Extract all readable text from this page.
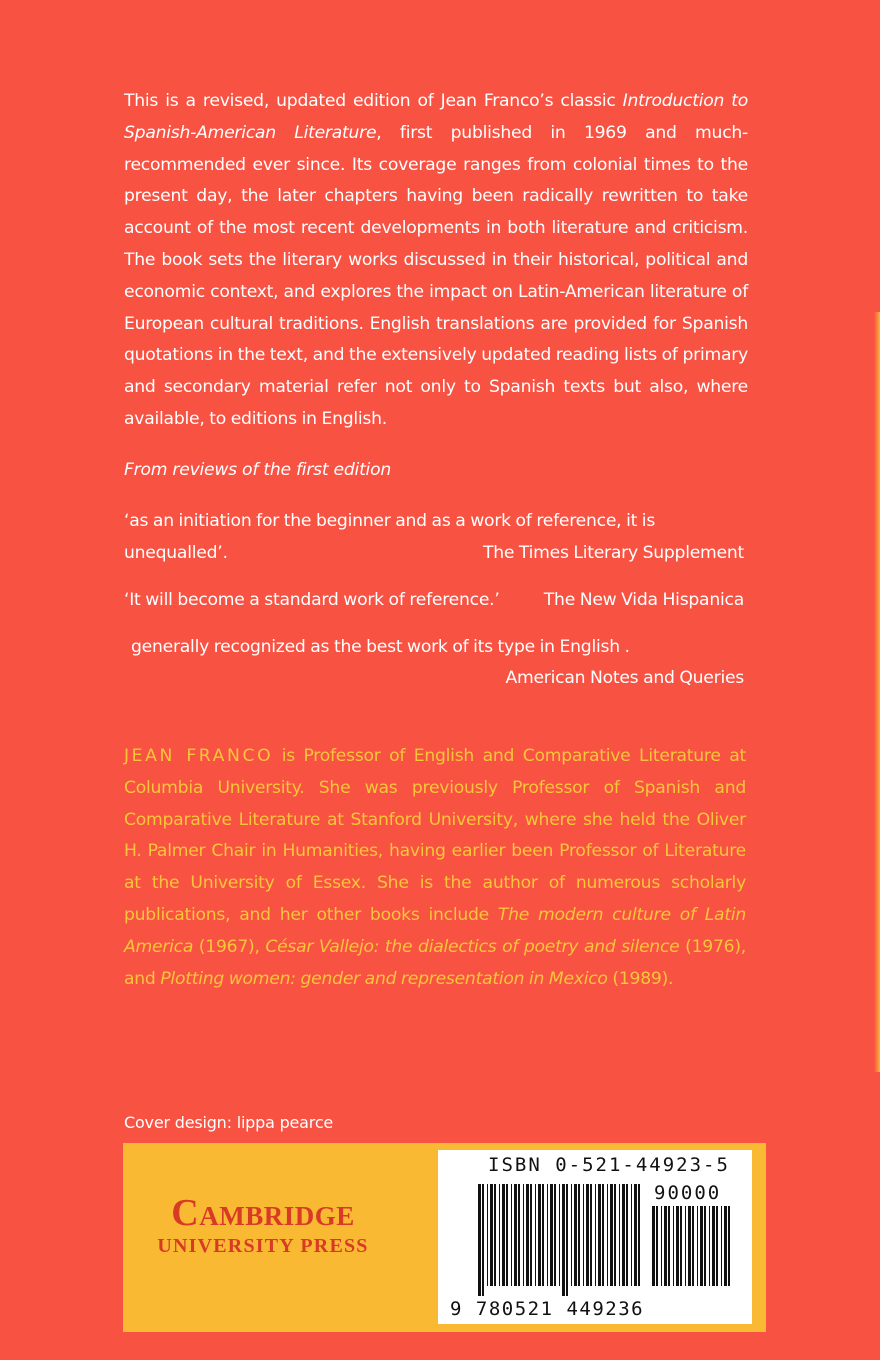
This is a revised, updated edition of Jean Franco’s classic Introduction to Spanish-American Literature, first published in 1969 and much-recommended ever since. Its coverage ranges from colonial times to the present day, the later chapters having been radically rewritten to take account of the most recent developments in both literature and criticism. The book sets the literary works discussed in their historical, political and economic context, and explores the impact on Latin-American literature of European cultural traditions. English translations are provided for Spanish quotations in the text, and the extensively updated reading lists of primary and secondary material refer not only to Spanish texts but also, where available, to editions in English.
From reviews of the first edition
‘as an initiation for the beginner and as a work of reference, it is
unequalled’.	The Times Literary Supplement
‘It will become a standard work of reference.’	The New Vida Hispanica
generally recognized as the best work of its type in English .
American Notes and Queries
JEAN FRANCO is Professor of English and Comparative Literature at Columbia University. She was previously Professor of Spanish and Comparative Literature at Stanford University, where she held the Oliver H. Palmer Chair in Humanities, having earlier been Professor of Literature at the University of Essex. She is the author of numerous scholarly publications, and her other books include The modern culture of Latin America (1967), César Vallejo: the dialectics of poetry and silence (1976), and Plotting women: gender and representation in Mexico (1989).
Cover design: lippa pearce
Cambridge
UNIVERSITY PRESS
ISBN 0-521-44923-5
90000
9 780521 449236
